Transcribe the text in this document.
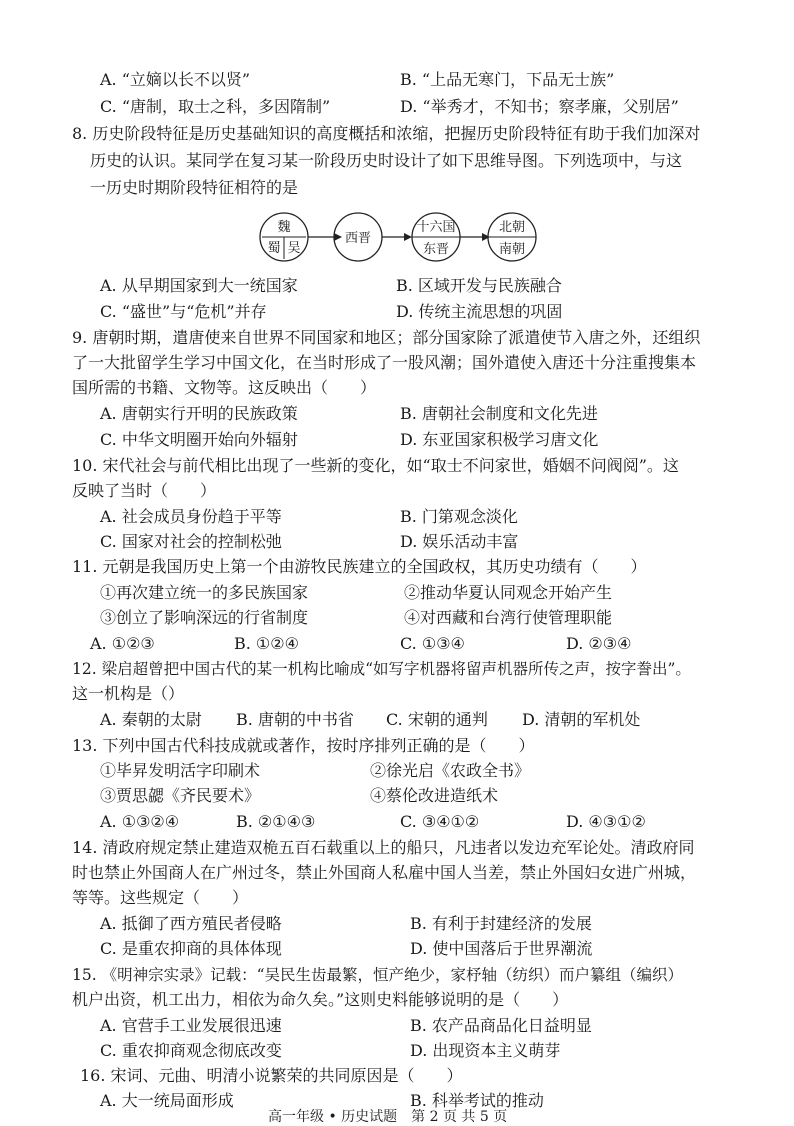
A. “立嫡以长不以贤”	B. “上品无寒门，下品无士族”
C. “唐制，取士之科，多因隋制”	D. “举秀才，不知书；察孝廉，父别居”
8. 历史阶段特征是历史基础知识的高度概括和浓缩，把握历史阶段特征有助于我们加深对
历史的认识。某同学在复习某一阶段历史时设计了如下思维导图。下列选项中，与这
一历史时期阶段特征相符的是
魏
蜀 吴
西晋
十六国
东晋
北朝
南朝
A. 从早期国家到大一统国家	B. 区域开发与民族融合
C. “盛世”与“危机”并存	D. 传统主流思想的巩固
9. 唐朝时期，遣唐使来自世界不同国家和地区；部分国家除了派遣使节入唐之外，还组织
了一大批留学生学习中国文化，在当时形成了一股风潮；国外遣使入唐还十分注重搜集本
国所需的书籍、文物等。这反映出（　　）
A. 唐朝实行开明的民族政策	B. 唐朝社会制度和文化先进
C. 中华文明圈开始向外辐射	D. 东亚国家积极学习唐文化
10. 宋代社会与前代相比出现了一些新的变化，如“取士不问家世，婚姻不问阀阅”。这
反映了当时（　　）
A. 社会成员身份趋于平等	B. 门第观念淡化
C. 国家对社会的控制松弛	D. 娱乐活动丰富
11. 元朝是我国历史上第一个由游牧民族建立的全国政权，其历史功绩有（　　）
①再次建立统一的多民族国家	②推动华夏认同观念开始产生
③创立了影响深远的行省制度	④对西藏和台湾行使管理职能
A. ①②③	B. ①②④	C. ①③④	D. ②③④
12. 梁启超曾把中国古代的某一机构比喻成“如写字机器将留声机器所传之声，按字誊出”。
这一机构是（）
A. 秦朝的太尉 B. 唐朝的中书省 C. 宋朝的通判 D. 清朝的军机处
13. 下列中国古代科技成就或著作，按时序排列正确的是（　　）
①毕昇发明活字印刷术	②徐光启《农政全书》
③贾思勰《齐民要术》	④蔡伦改进造纸术
A. ①③②④	B. ②①④③	C. ③④①②	D. ④③①②
14. 清政府规定禁止建造双桅五百石载重以上的船只，凡违者以发边充军论处。清政府同
时也禁止外国商人在广州过冬，禁止外国商人私雇中国人当差，禁止外国妇女进广州城，
等等。这些规定（　　）
A. 抵御了西方殖民者侵略	B. 有利于封建经济的发展
C. 是重农抑商的具体体现	D. 使中国落后于世界潮流
15. 《明神宗实录》记载：“吴民生齿最繁，恒产绝少，家杼轴（纺织）而户纂组（编织）
机户出资，机工出力，相依为命久矣。”这则史料能够说明的是（　　）
A. 官营手工业发展很迅速	B. 农产品商品化日益明显
C. 重农抑商观念彻底改变	D. 出现资本主义萌芽
16. 宋词、元曲、明清小说繁荣的共同原因是（　　）
A. 大一统局面形成	B. 科举考试的推动
高一年级 • 历史试题　第 2 页 共 5 页
